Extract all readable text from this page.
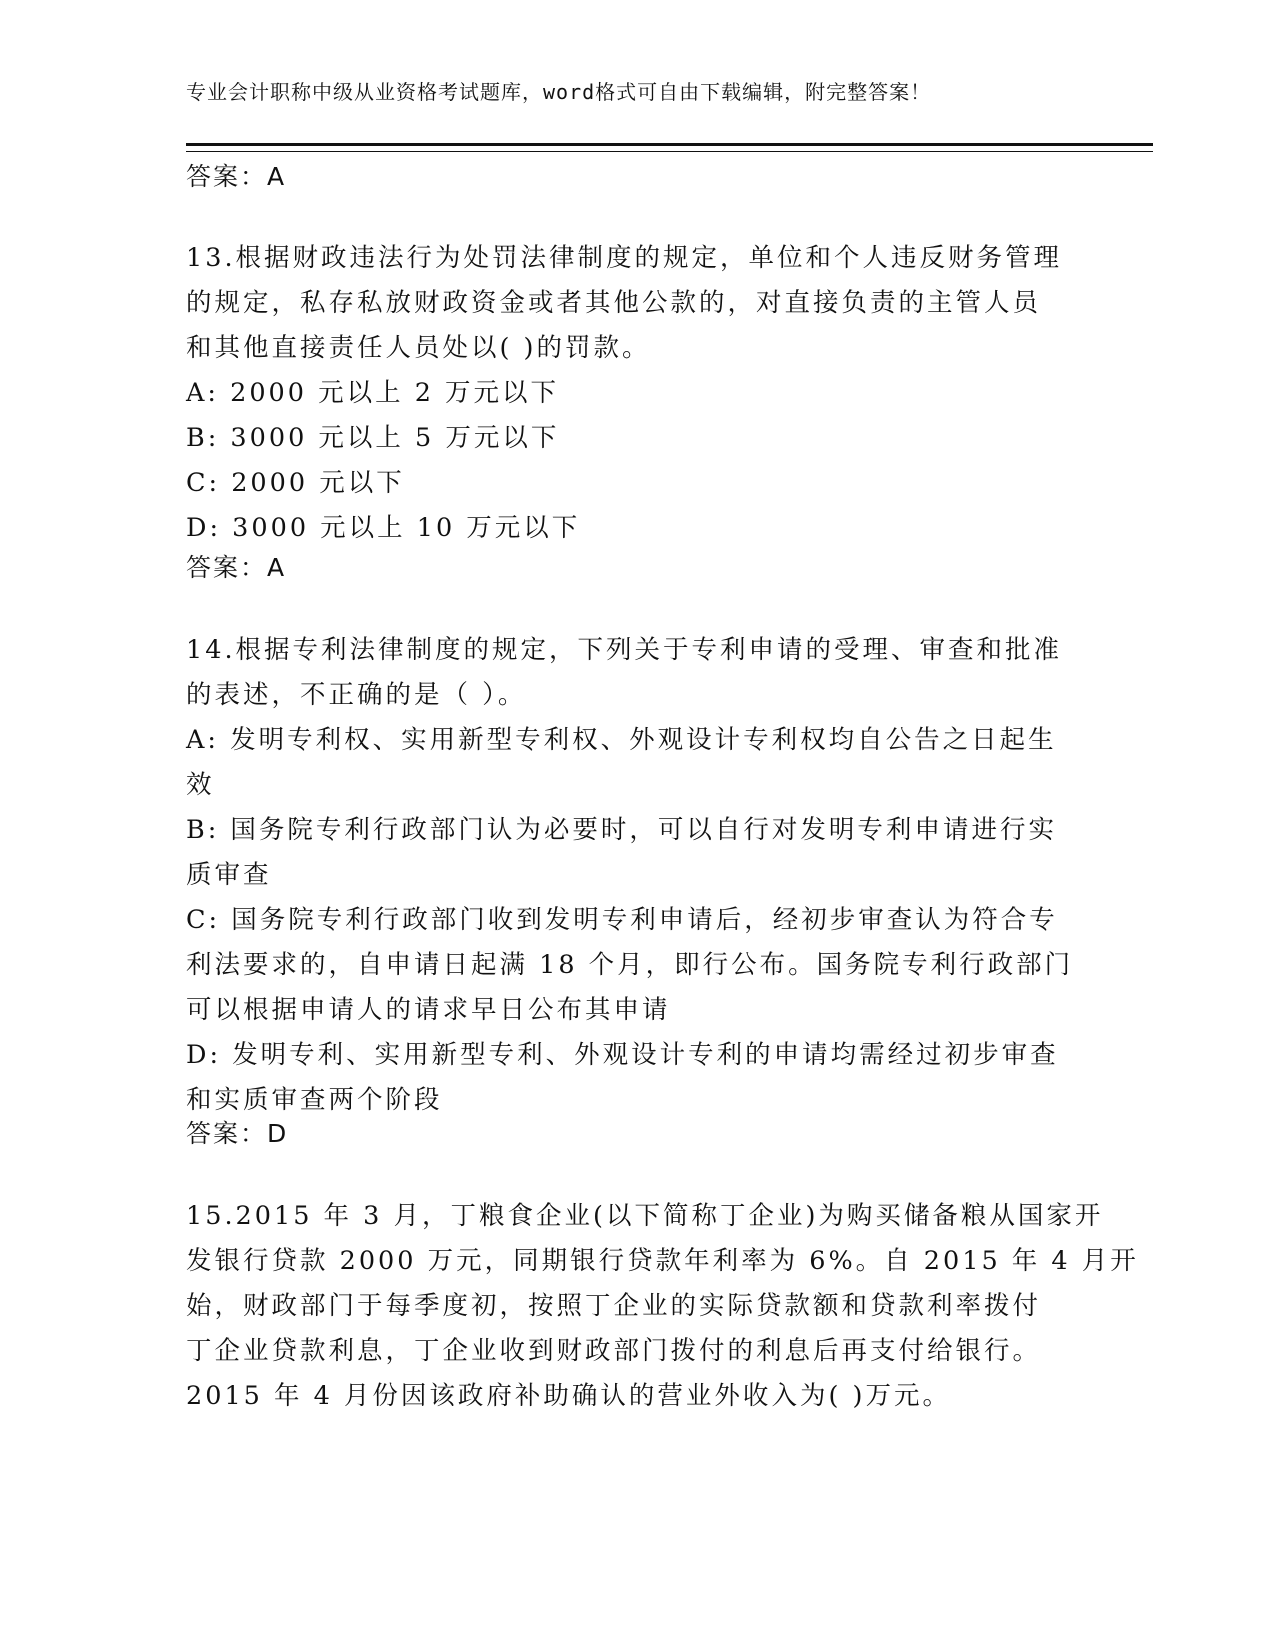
专业会计职称中级从业资格考试题库，word格式可自由下载编辑，附完整答案！
答案：A
13.根据财政违法行为处罚法律制度的规定，单位和个人违反财务管理
的规定，私存私放财政资金或者其他公款的，对直接负责的主管人员
和其他直接责任人员处以( )的罚款。
A: 2000 元以上 2 万元以下
B: 3000 元以上 5 万元以下
C: 2000 元以下
D: 3000 元以上 10 万元以下
答案：A
14.根据专利法律制度的规定，下列关于专利申请的受理、审查和批准
的表述，不正确的是（ ）。
A: 发明专利权、实用新型专利权、外观设计专利权均自公告之日起生
效
B: 国务院专利行政部门认为必要时，可以自行对发明专利申请进行实
质审查
C: 国务院专利行政部门收到发明专利申请后，经初步审查认为符合专
利法要求的，自申请日起满 18 个月，即行公布。国务院专利行政部门
可以根据申请人的请求早日公布其申请
D: 发明专利、实用新型专利、外观设计专利的申请均需经过初步审查
和实质审查两个阶段
答案：D
15.2015 年 3 月，丁粮食企业(以下简称丁企业)为购买储备粮从国家开
发银行贷款 2000 万元，同期银行贷款年利率为 6%。自 2015 年 4 月开
始，财政部门于每季度初，按照丁企业的实际贷款额和贷款利率拨付
丁企业贷款利息，丁企业收到财政部门拨付的利息后再支付给银行。
2015 年 4 月份因该政府补助确认的营业外收入为( )万元。
